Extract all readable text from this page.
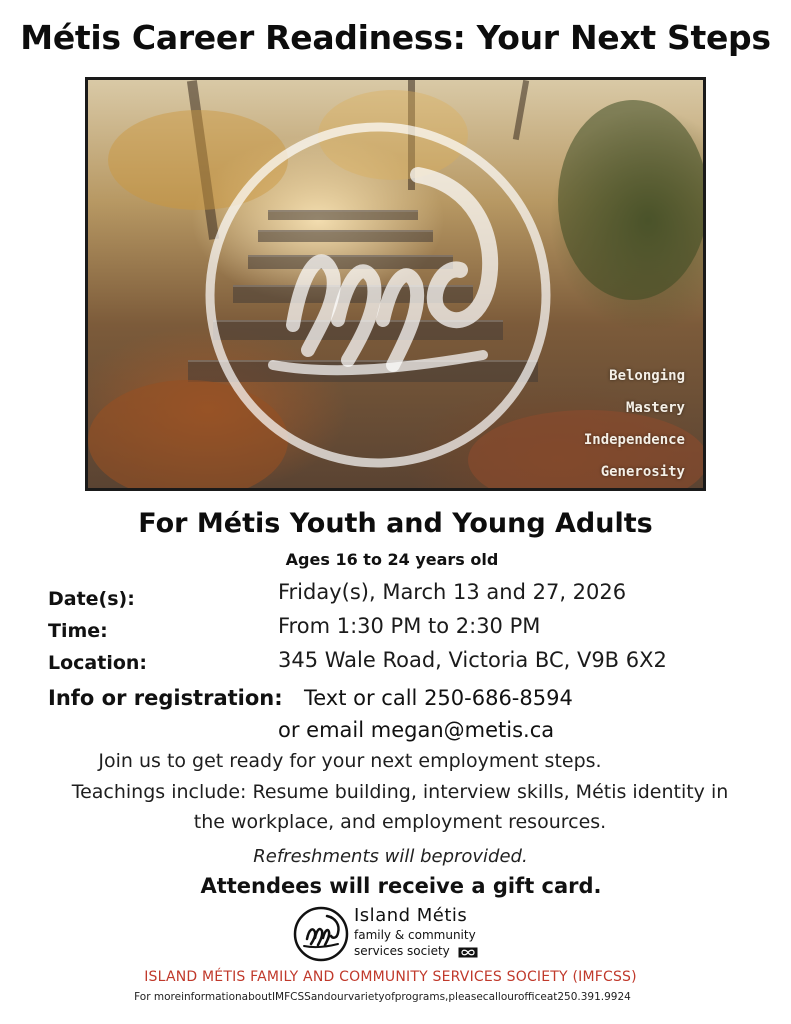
Métis Career Readiness: Your Next Steps
Belonging
Mastery
Independence
Generosity
For Métis Youth and Young Adults
Ages 16 to 24 years old
Date(s):	Friday(s), March 13 and 27, 2026
Time:	From 1:30 PM to 2:30 PM
Location:	345 Wale Road, Victoria BC, V9B 6X2
Info or registration: Text or call 250-686-8594
or email megan@metis.ca
Join us to get ready for your next employment steps.
Teachings include: Resume building, interview skills, Métis identity in
the workplace, and employment resources.
Refreshments will beprovided.
Attendees will receive a gift card.
Island Métis
family & community
services society
ISLAND MÉTIS FAMILY AND COMMUNITY SERVICES SOCIETY (IMFCSS)
For moreinformationaboutIMFCSSandourvarietyofprograms,pleasecallourofficeat250.391.9924
